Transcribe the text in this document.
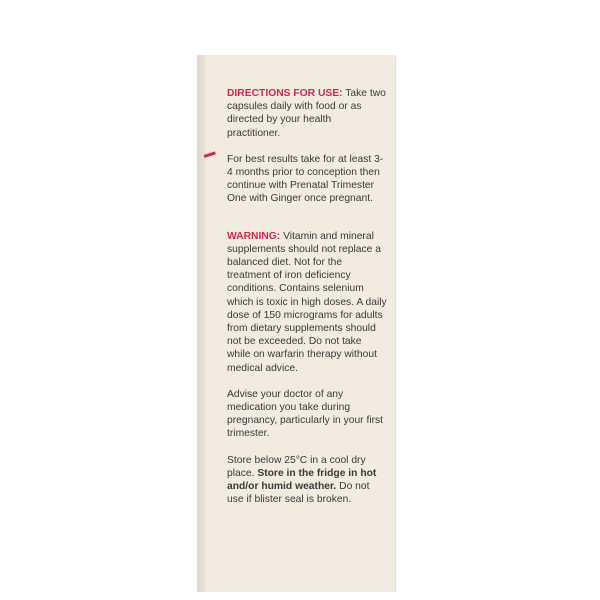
DIRECTIONS FOR USE: Take two capsules daily with food or as directed by your health practitioner.

For best results take for at least 3-4 months prior to conception then continue with Prenatal Trimester One with Ginger once pregnant.

WARNING: Vitamin and mineral supplements should not replace a balanced diet. Not for the treatment of iron deficiency conditions. Contains selenium which is toxic in high doses. A daily dose of 150 micrograms for adults from dietary supplements should not be exceeded. Do not take while on warfarin therapy without medical advice.

Advise your doctor of any medication you take during pregnancy, particularly in your first trimester.

Store below 25°C in a cool dry place. Store in the fridge in hot and/or humid weather. Do not use if blister seal is broken.
